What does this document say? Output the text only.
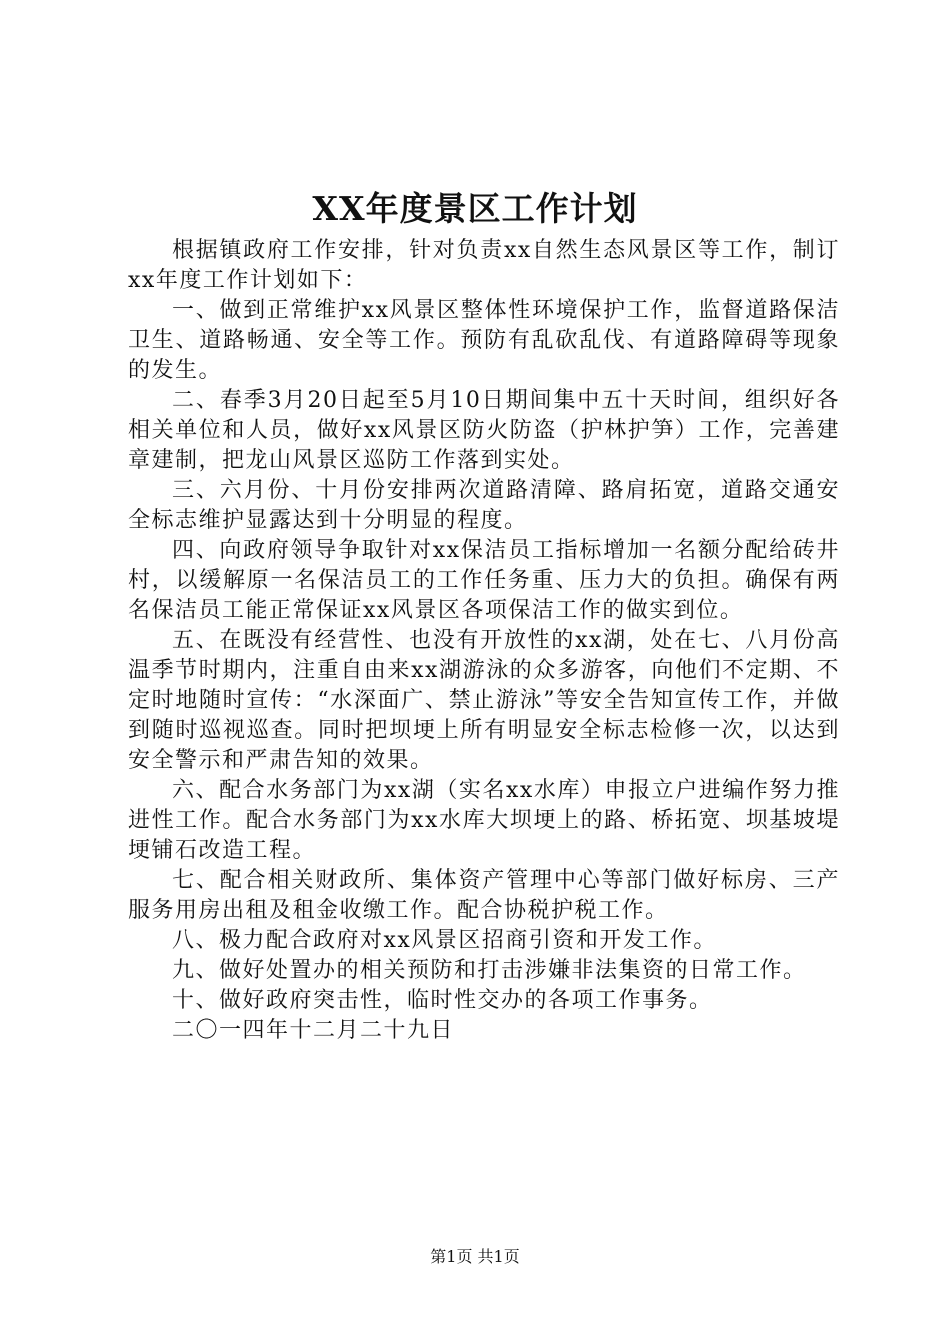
XX年度景区工作计划

根据镇政府工作安排，针对负责xx自然生态风景区等工作，制订xx年度工作计划如下：

一、做到正常维护xx风景区整体性环境保护工作，监督道路保洁卫生、道路畅通、安全等工作。预防有乱砍乱伐、有道路障碍等现象的发生。

二、春季3月20日起至5月10日期间集中五十天时间，组织好各相关单位和人员，做好xx风景区防火防盗（护林护笋）工作，完善建章建制，把龙山风景区巡防工作落到实处。

三、六月份、十月份安排两次道路清障、路肩拓宽，道路交通安全标志维护显露达到十分明显的程度。

四、向政府领导争取针对xx保洁员工指标增加一名额分配给砖井村，以缓解原一名保洁员工的工作任务重、压力大的负担。确保有两名保洁员工能正常保证xx风景区各项保洁工作的做实到位。

五、在既没有经营性、也没有开放性的xx湖，处在七、八月份高温季节时期内，注重自由来xx湖游泳的众多游客，向他们不定期、不定时地随时宣传：“水深面广、禁止游泳”等安全告知宣传工作，并做到随时巡视巡查。同时把坝埂上所有明显安全标志检修一次，以达到安全警示和严肃告知的效果。

六、配合水务部门为xx湖（实名xx水库）申报立户进编作努力推进性工作。配合水务部门为xx水库大坝埂上的路、桥拓宽、坝基坡堤埂铺石改造工程。

七、配合相关财政所、集体资产管理中心等部门做好标房、三产服务用房出租及租金收缴工作。配合协税护税工作。

八、极力配合政府对xx风景区招商引资和开发工作。

九、做好处置办的相关预防和打击涉嫌非法集资的日常工作。

十、做好政府突击性，临时性交办的各项工作事务。

二〇一四年十二月二十九日

第1页 共1页
